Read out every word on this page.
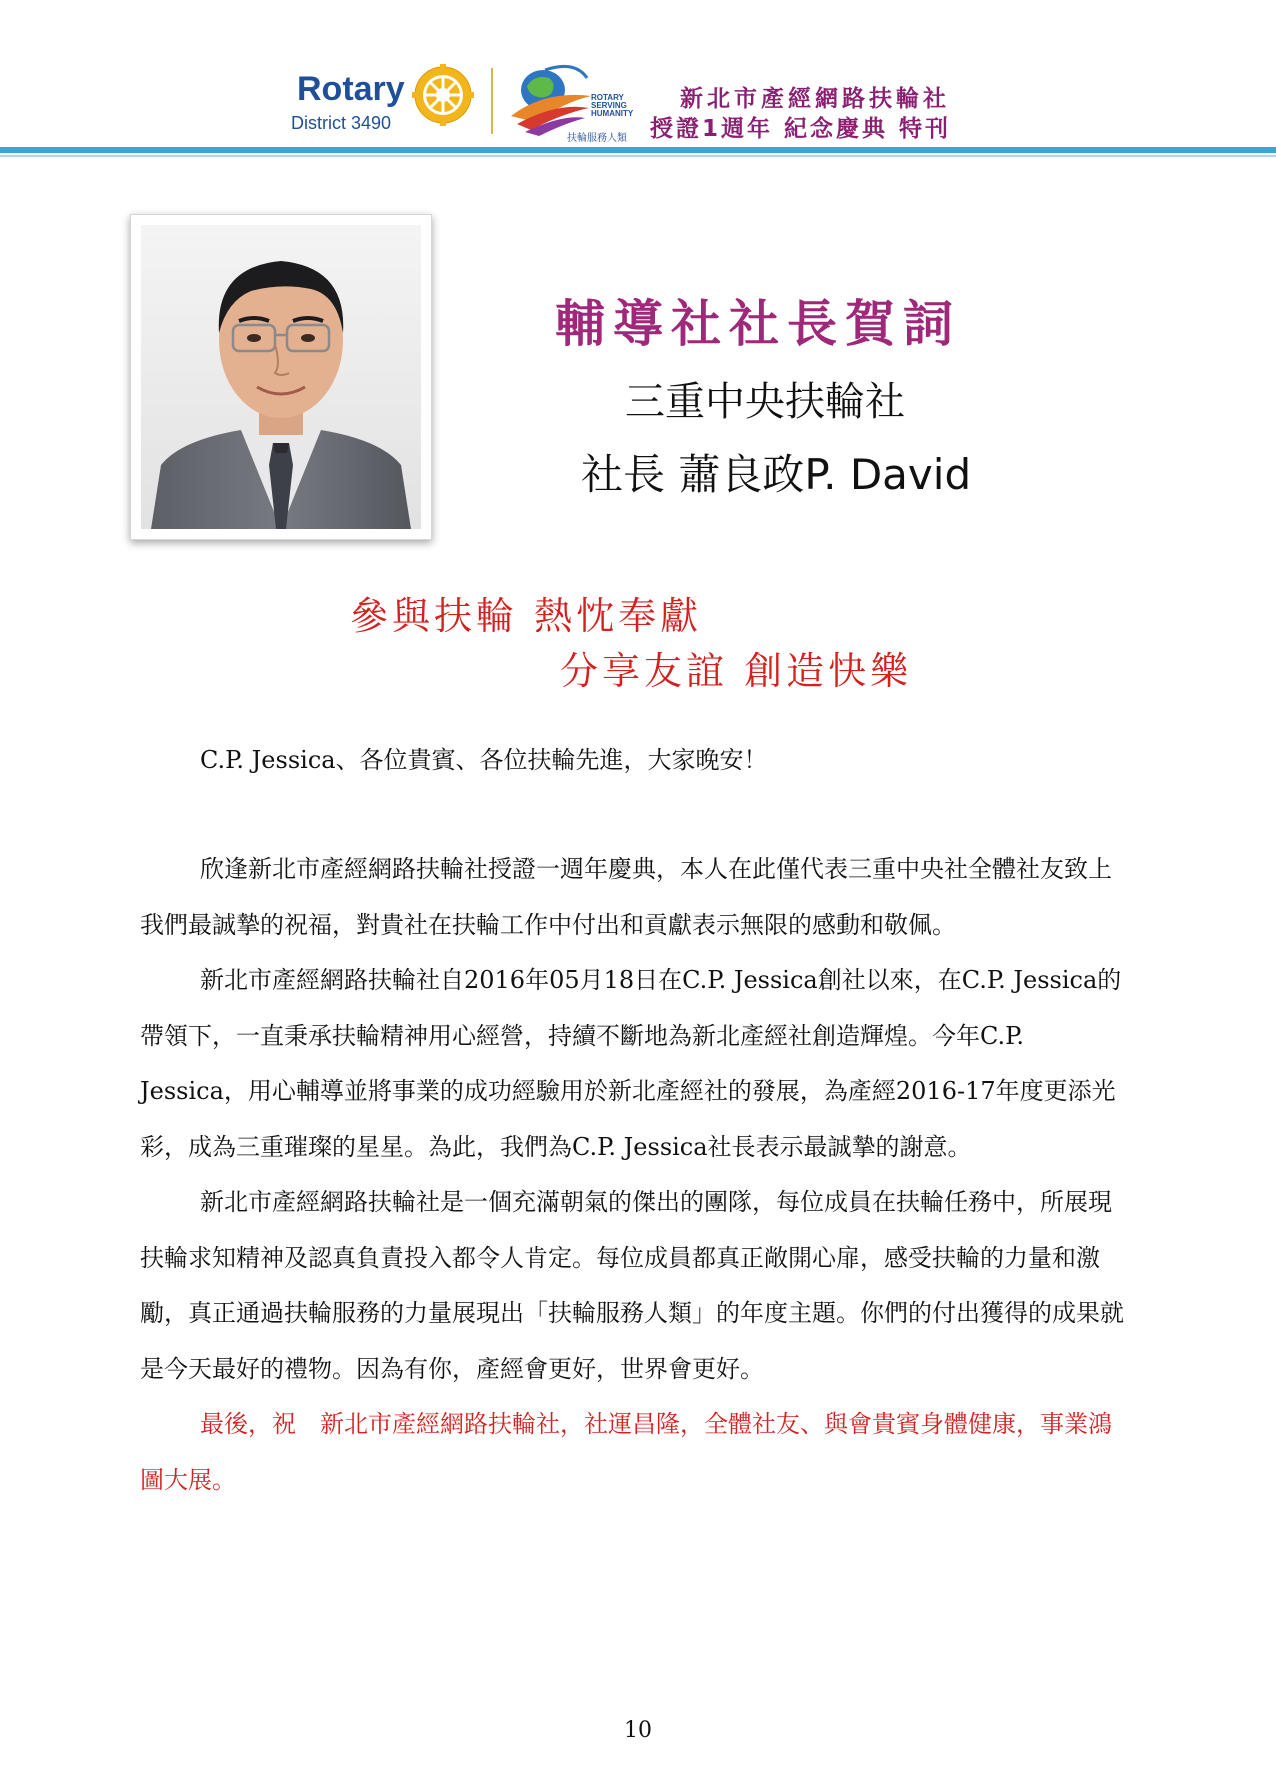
Rotary
District 3490
ROTARY
SERVING
HUMANITY
扶輪服務人類
新北市產經網路扶輪社
授證1週年 紀念慶典 特刊
輔導社社長賀詞
三重中央扶輪社
社長 蕭良政P. David
參與扶輪 熱忱奉獻
分享友誼 創造快樂

C.P. Jessica、各位貴賓、各位扶輪先進，大家晚安！

欣逢新北市產經網路扶輪社授證一週年慶典，本人在此僅代表三重中央社全體社友致上我們最誠摯的祝福，對貴社在扶輪工作中付出和貢獻表示無限的感動和敬佩。

新北市產經網路扶輪社自2016年05月18日在C.P. Jessica創社以來，在C.P. Jessica的帶領下，一直秉承扶輪精神用心經營，持續不斷地為新北產經社創造輝煌。今年C.P. Jessica，用心輔導並將事業的成功經驗用於新北產經社的發展，為產經2016-17年度更添光彩，成為三重璀璨的星星。為此，我們為C.P. Jessica社長表示最誠摯的謝意。

新北市產經網路扶輪社是一個充滿朝氣的傑出的團隊，每位成員在扶輪任務中，所展現扶輪求知精神及認真負責投入都令人肯定。每位成員都真正敞開心扉，感受扶輪的力量和激勵，真正通過扶輪服務的力量展現出「扶輪服務人類」的年度主題。你們的付出獲得的成果就是今天最好的禮物。因為有你，產經會更好，世界會更好。

最後，祝　新北市產經網路扶輪社，社運昌隆，全體社友、與會貴賓身體健康，事業鴻圖大展。

10
